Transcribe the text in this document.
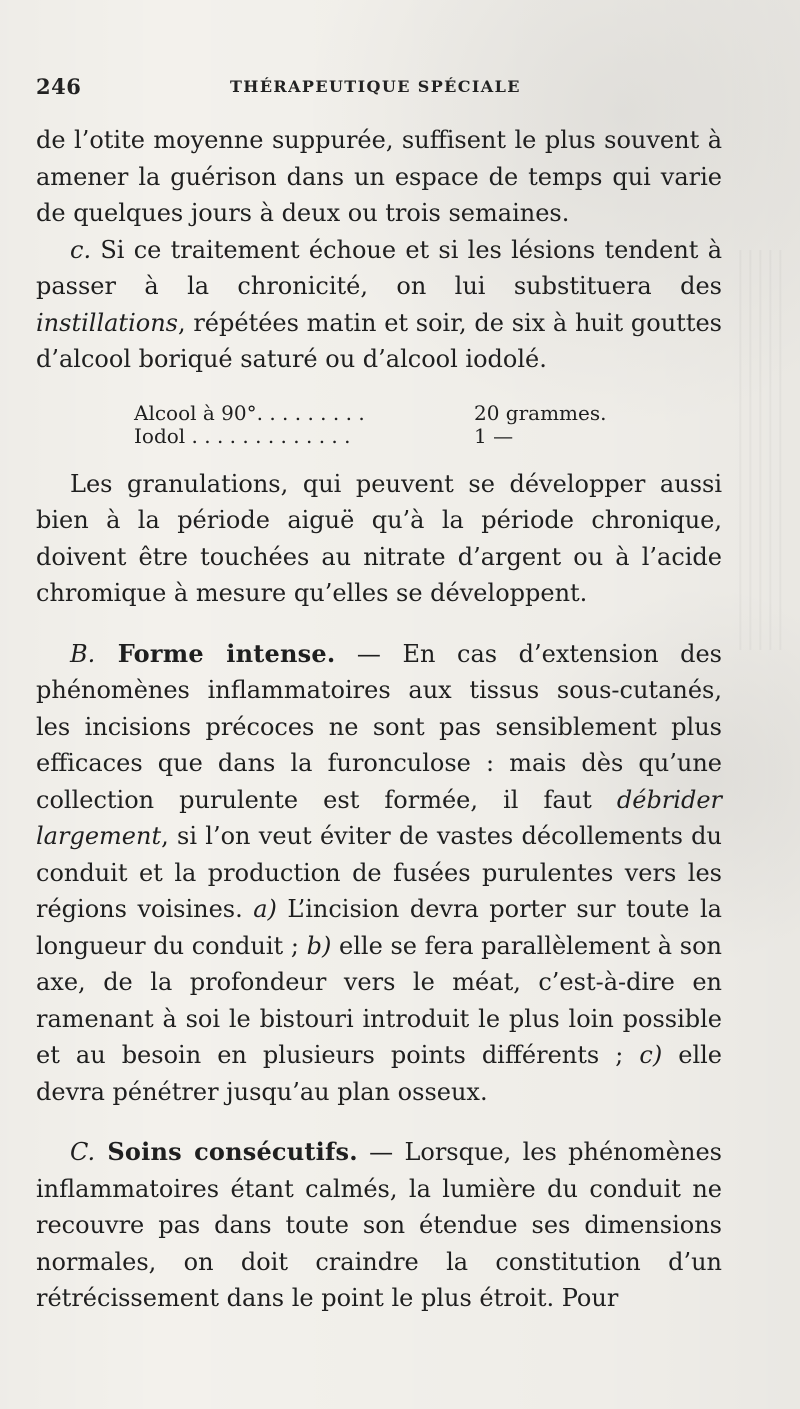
246	THÉRAPEUTIQUE SPÉCIALE

de l’otite moyenne suppurée, suffisent le plus souvent à amener la guérison dans un espace de temps qui varie de quelques jours à deux ou trois semaines.

c. Si ce traitement échoue et si les lésions tendent à passer à la chronicité, on lui substituera des instillations, répétées matin et soir, de six à huit gouttes d’alcool boriqué saturé ou d’alcool iodolé.

Alcool à 90°. . . . . . . . .	20 grammes.
Iodol . . . . . . . . . . . . .	1 —

Les granulations, qui peuvent se développer aussi bien à la période aiguë qu’à la période chronique, doivent être touchées au nitrate d’argent ou à l’acide chromique à mesure qu’elles se développent.

B. Forme intense. — En cas d’extension des phénomènes inflammatoires aux tissus sous-cutanés, les incisions précoces ne sont pas sensiblement plus efficaces que dans la furonculose : mais dès qu’une collection purulente est formée, il faut débrider largement, si l’on veut éviter de vastes décollements du conduit et la production de fusées purulentes vers les régions voisines. a) L’incision devra porter sur toute la longueur du conduit ; b) elle se fera parallèlement à son axe, de la profondeur vers le méat, c’est-à-dire en ramenant à soi le bistouri introduit le plus loin possible et au besoin en plusieurs points différents ; c) elle devra pénétrer jusqu’au plan osseux.

C. Soins consécutifs. — Lorsque, les phénomènes inflammatoires étant calmés, la lumière du conduit ne recouvre pas dans toute son étendue ses dimensions normales, on doit craindre la constitution d’un rétrécissement dans le point le plus étroit. Pour
